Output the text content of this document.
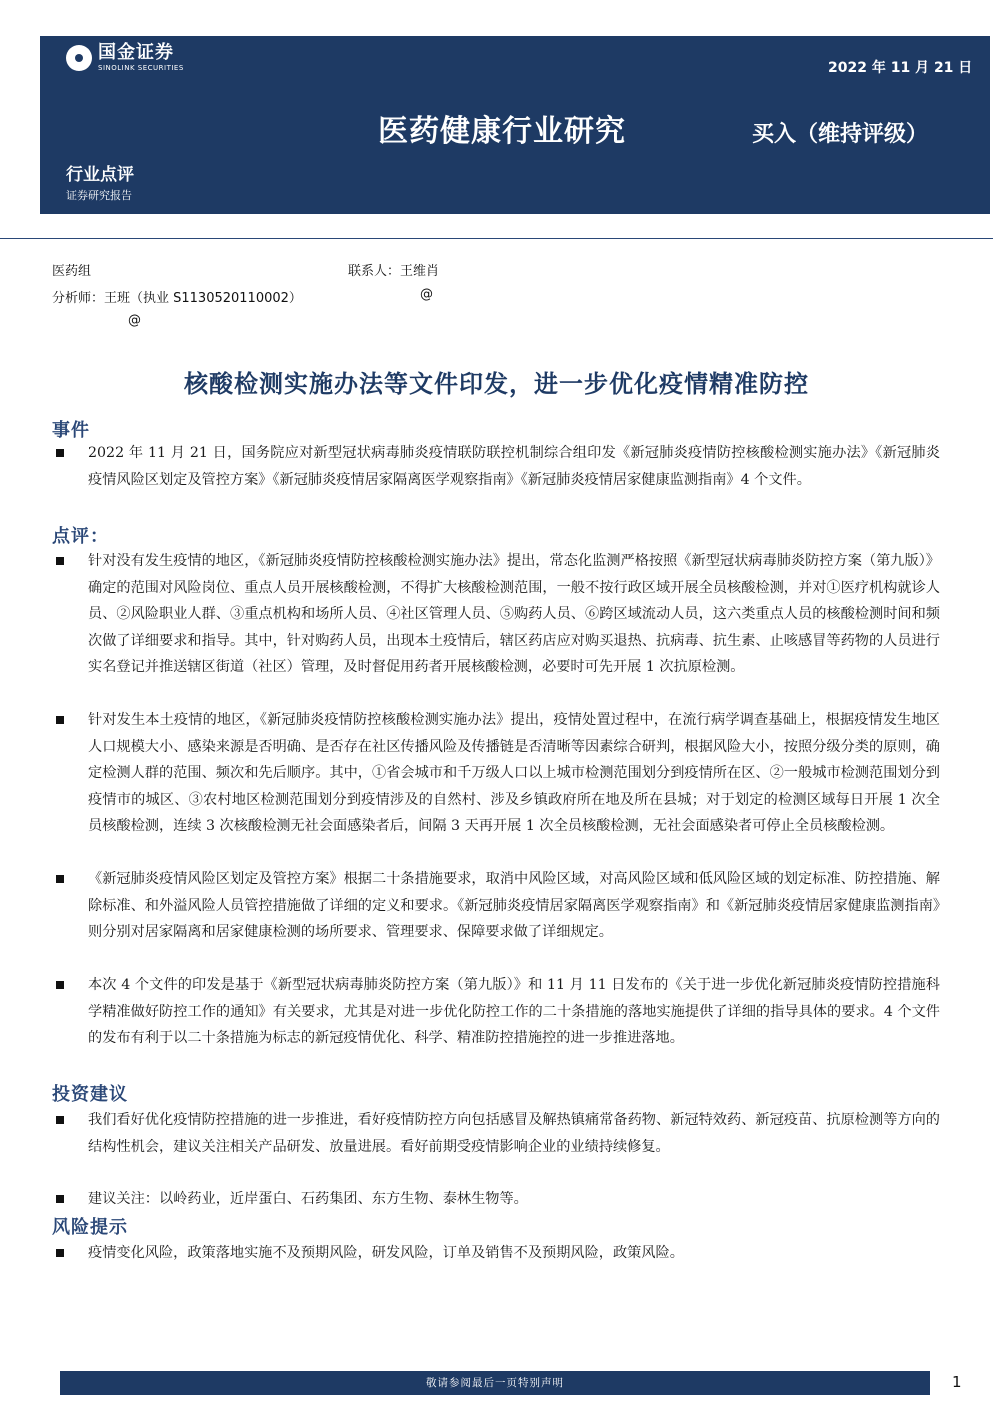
国金证券
SINOLINK SECURITIES	2022 年 11 月 21 日
医药健康行业研究	买入（维持评级）
行业点评
证券研究报告
医药组	联系人：王维肖
分析师：王班（执业 S1130520110002）	@
@
核酸检测实施办法等文件印发，进一步优化疫情精准防控
事件
2022 年 11 月 21 日，国务院应对新型冠状病毒肺炎疫情联防联控机制综合组印发《新冠肺炎疫情防控核酸检测实施办法》《新冠肺炎疫情风险区划定及管控方案》《新冠肺炎疫情居家隔离医学观察指南》《新冠肺炎疫情居家健康监测指南》4 个文件。
点评：
针对没有发生疫情的地区，《新冠肺炎疫情防控核酸检测实施办法》提出，常态化监测严格按照《新型冠状病毒肺炎防控方案（第九版）》确定的范围对风险岗位、重点人员开展核酸检测，不得扩大核酸检测范围，一般不按行政区域开展全员核酸检测，并对①医疗机构就诊人员、②风险职业人群、③重点机构和场所人员、④社区管理人员、⑤购药人员、⑥跨区域流动人员，这六类重点人员的核酸检测时间和频次做了详细要求和指导。其中，针对购药人员，出现本土疫情后，辖区药店应对购买退热、抗病毒、抗生素、止咳感冒等药物的人员进行实名登记并推送辖区街道（社区）管理，及时督促用药者开展核酸检测，必要时可先开展 1 次抗原检测。
针对发生本土疫情的地区，《新冠肺炎疫情防控核酸检测实施办法》提出，疫情处置过程中，在流行病学调查基础上，根据疫情发生地区人口规模大小、感染来源是否明确、是否存在社区传播风险及传播链是否清晰等因素综合研判，根据风险大小，按照分级分类的原则，确定检测人群的范围、频次和先后顺序。其中，①省会城市和千万级人口以上城市检测范围划分到疫情所在区、②一般城市检测范围划分到疫情市的城区、③农村地区检测范围划分到疫情涉及的自然村、涉及乡镇政府所在地及所在县城；对于划定的检测区域每日开展 1 次全员核酸检测，连续 3 次核酸检测无社会面感染者后，间隔 3 天再开展 1 次全员核酸检测，无社会面感染者可停止全员核酸检测。
《新冠肺炎疫情风险区划定及管控方案》根据二十条措施要求，取消中风险区域，对高风险区域和低风险区域的划定标准、防控措施、解除标准、和外溢风险人员管控措施做了详细的定义和要求。《新冠肺炎疫情居家隔离医学观察指南》和《新冠肺炎疫情居家健康监测指南》则分别对居家隔离和居家健康检测的场所要求、管理要求、保障要求做了详细规定。
本次 4 个文件的印发是基于《新型冠状病毒肺炎防控方案（第九版）》和 11 月 11 日发布的《关于进一步优化新冠肺炎疫情防控措施科学精准做好防控工作的通知》有关要求，尤其是对进一步优化防控工作的二十条措施的落地实施提供了详细的指导具体的要求。4 个文件的发布有利于以二十条措施为标志的新冠疫情优化、科学、精准防控措施控的进一步推进落地。
投资建议
我们看好优化疫情防控措施的进一步推进，看好疫情防控方向包括感冒及解热镇痛常备药物、新冠特效药、新冠疫苗、抗原检测等方向的结构性机会，建议关注相关产品研发、放量进展。看好前期受疫情影响企业的业绩持续修复。
建议关注：以岭药业，近岸蛋白、石药集团、东方生物、泰林生物等。
风险提示
疫情变化风险，政策落地实施不及预期风险，研发风险，订单及销售不及预期风险，政策风险。
敬请参阅最后一页特别声明	1
